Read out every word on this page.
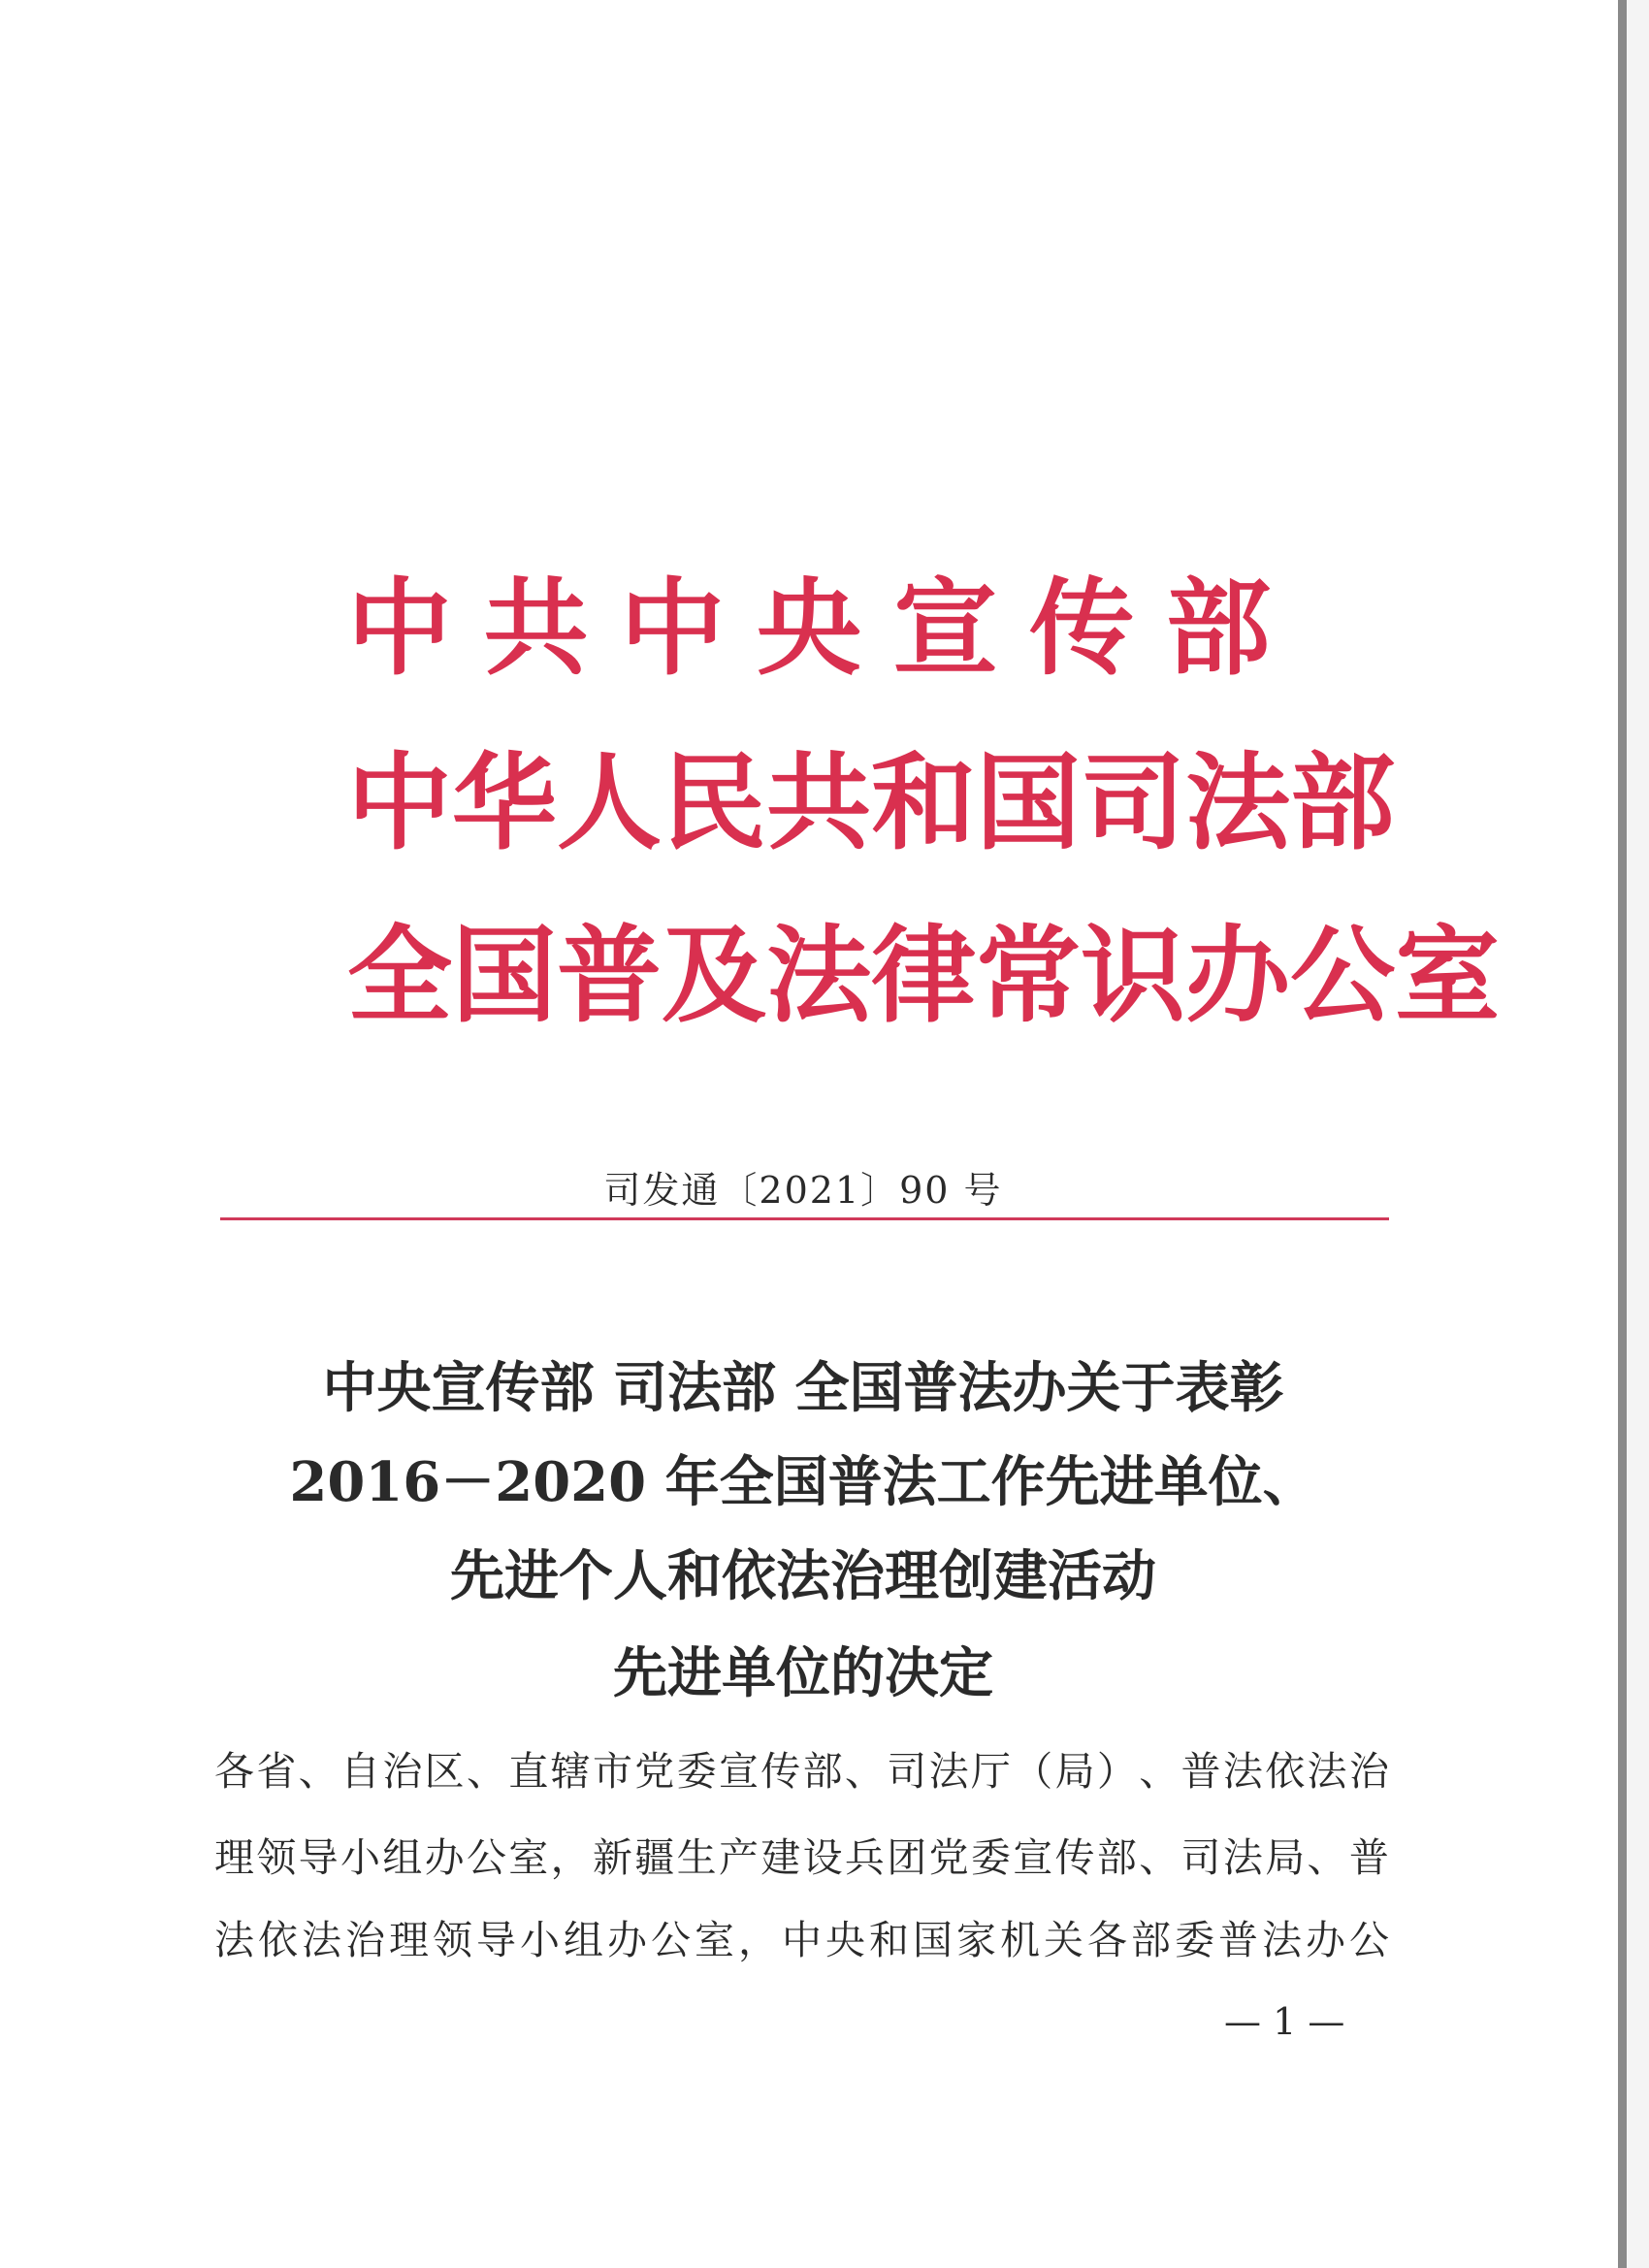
中 共 中 央 宣 传 部
中 华 人 民 共 和 国 司 法 部
全 国 普 及 法 律 常 识 办 公 室
司发通〔2021〕90 号
中央宣传部 司法部 全国普法办关于表彰
2016－2020 年全国普法工作先进单位、
先进个人和依法治理创建活动
先进单位的决定
各 省 、 自 治 区 、 直 辖 市 党 委 宣 传 部 、 司 法 厅 （ 局 ） 、 普 法 依 法 治
理 领 导 小 组 办 公 室 ， 新 疆 生 产 建 设 兵 团 党 委 宣 传 部 、 司 法 局 、 普
法 依 法 治 理 领 导 小 组 办 公 室 ， 中 央 和 国 家 机 关 各 部 委 普 法 办 公
— 1 —
